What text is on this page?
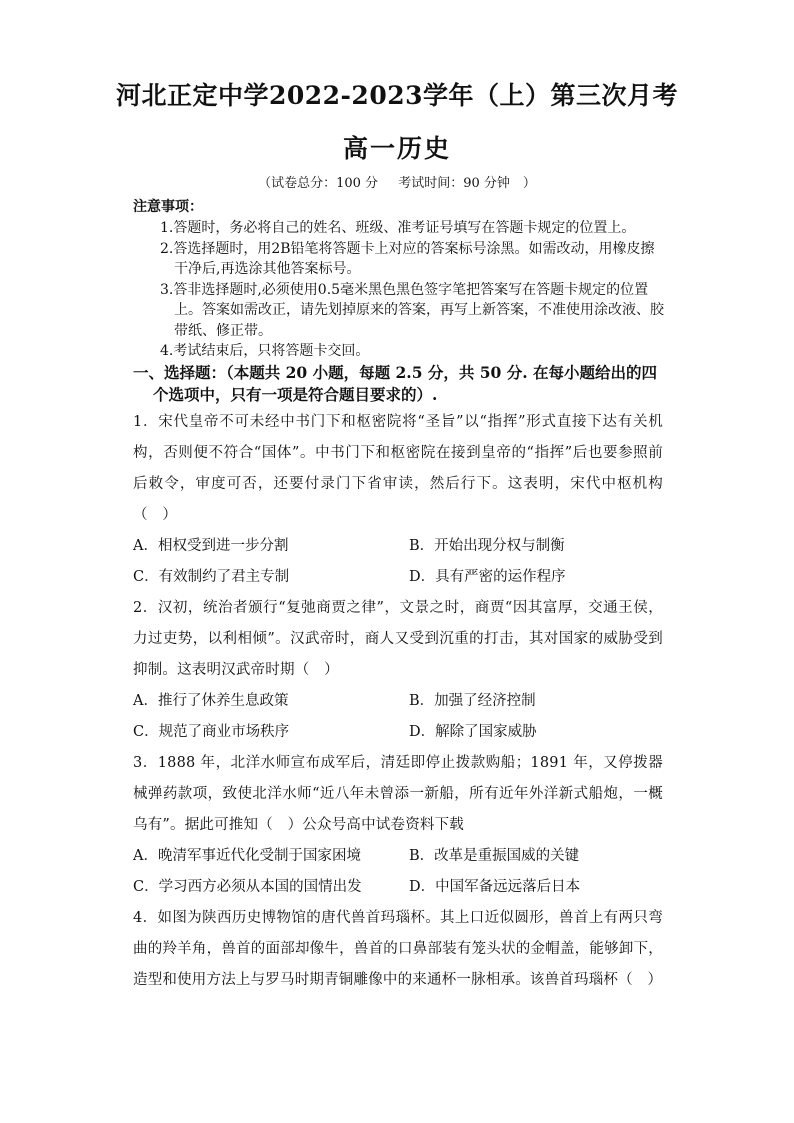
河北正定中学2022-2023学年（上）第三次月考
高一历史
（试卷总分：100 分 考试时间：90 分钟　）
注意事项：

1.答题时，务必将自己的姓名、班级、准考证号填写在答题卡规定的位置上。

2.答选择题时，用2B铅笔将答题卡上对应的答案标号涂黑。如需改动，用橡皮擦干净后,再选涂其他答案标号。

3.答非选择题时,必须使用0.5毫米黑色黑色签字笔把答案写在答题卡规定的位置上。答案如需改正，请先划掉原来的答案，再写上新答案，不准使用涂改液、胶带纸、修正带。

4.考试结束后，只将答题卡交回。

一、选择题：（本题共 20 小题，每题 2.5 分，共 50 分. 在每小题给出的四
个选项中，只有一项是符合题目要求的）.

1．宋代皇帝不可未经中书门下和枢密院将“圣旨”以“指挥”形式直接下达有关机构，否则便不符合“国体”。中书门下和枢密院在接到皇帝的“指挥”后也要参照前后敕令，审度可否，还要付录门下省审读，然后行下。这表明，宋代中枢机构（　）

A．相权受到进一步分割	B．开始出现分权与制衡
C．有效制约了君主专制	D．具有严密的运作程序

2．汉初，统治者颁行“复弛商贾之律”，文景之时，商贾“因其富厚，交通王侯，力过吏势，以利相倾”。汉武帝时，商人又受到沉重的打击，其对国家的威胁受到抑制。这表明汉武帝时期（　）

A．推行了休养生息政策	B．加强了经济控制
C．规范了商业市场秩序	D．解除了国家威胁

3．1888 年，北洋水师宣布成军后，清廷即停止拨款购船；1891 年，又停拨器械弹药款项，致使北洋水师“近八年未曾添一新船，所有近年外洋新式船炮，一概乌有”。据此可推知（　）公众号高中试卷资料下载

A．晚清军事近代化受制于国家困境	B．改革是重振国威的关键
C．学习西方必须从本国的国情出发	D．中国军备远远落后日本

4．如图为陕西历史博物馆的唐代兽首玛瑙杯。其上口近似圆形，兽首上有两只弯曲的羚羊角，兽首的面部却像牛，兽首的口鼻部装有笼头状的金帽盖，能够卸下，造型和使用方法上与罗马时期青铜雕像中的来通杯一脉相承。该兽首玛瑙杯（　）
